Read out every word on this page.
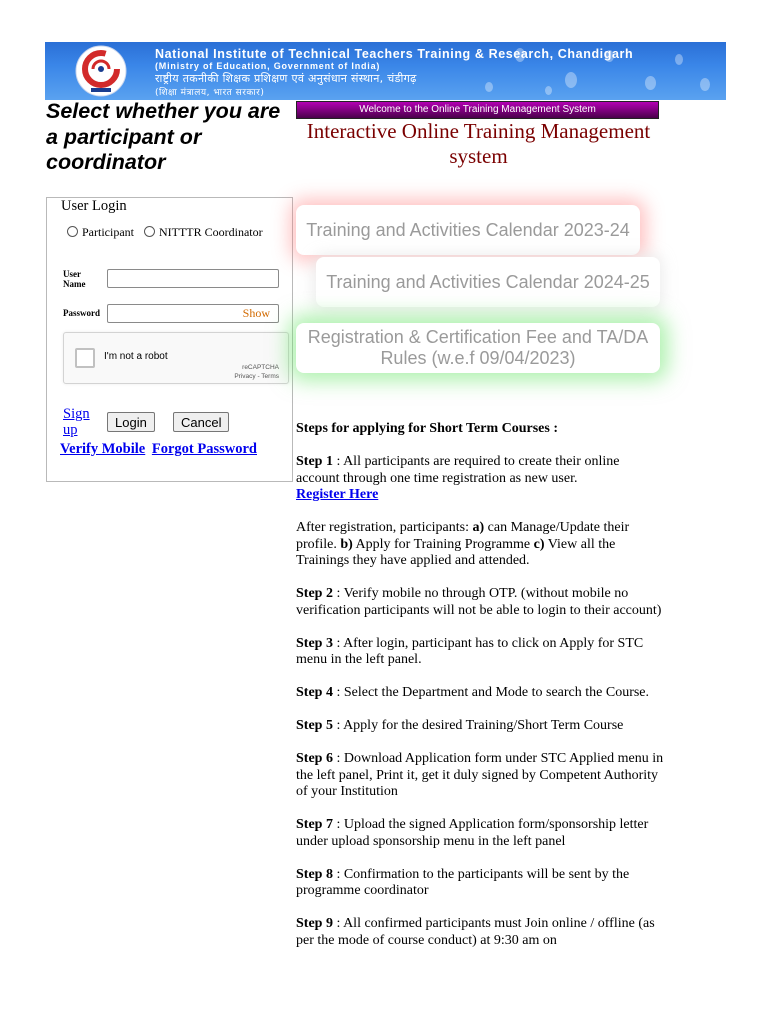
National Institute of Technical Teachers Training & Research, Chandigarh
(Ministry of Education, Government of India)
राष्ट्रीय तकनीकी शिक्षक प्रशिक्षण एवं अनुसंधान संस्थान, चंडीगढ़
(शिक्षा मंत्रालय, भारत सरकार)
Select whether you are a participant or coordinator
User Login
Participant NITTTR Coordinator
User Name
Password	Show
I'm not a robot
reCAPTCHA
Privacy - Terms
Sign up	Login	Cancel
Verify Mobile Forgot Password
Welcome to the Online Training Management System
Interactive Online Training Management system
Training and Activities Calendar 2023-24
Training and Activities Calendar 2024-25
Registration & Certification Fee and TA/DA Rules (w.e.f 09/04/2023)

Steps for applying for Short Term Courses :

Step 1 : All participants are required to create their online account through one time registration as new user.
Register Here

After registration, participants: a) can Manage/Update their profile. b) Apply for Training Programme c) View all the Trainings they have applied and attended.

Step 2 : Verify mobile no through OTP. (without mobile no verification participants will not be able to login to their account)

Step 3 : After login, participant has to click on Apply for STC menu in the left panel.

Step 4 : Select the Department and Mode to search the Course.

Step 5 : Apply for the desired Training/Short Term Course

Step 6 : Download Application form under STC Applied menu in the left panel, Print it, get it duly signed by Competent Authority of your Institution

Step 7 : Upload the signed Application form/sponsorship letter under upload sponsorship menu in the left panel

Step 8 : Confirmation to the participants will be sent by the programme coordinator

Step 9 : All confirmed participants must Join online / offline (as per the mode of course conduct) at 9:30 am on
